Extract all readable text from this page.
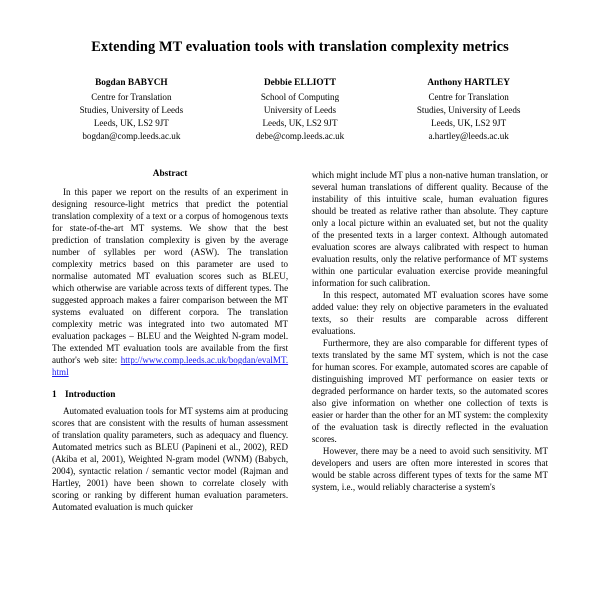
Extending MT evaluation tools with translation complexity metrics
Bogdan BABYCH
Centre for Translation
Studies, University of Leeds
Leeds, UK, LS2 9JT
bogdan@comp.leeds.ac.uk
Debbie ELLIOTT
School of Computing
University of Leeds
Leeds, UK, LS2 9JT
debe@comp.leeds.ac.uk
Anthony HARTLEY
Centre for Translation
Studies, University of Leeds
Leeds, UK, LS2 9JT
a.hartley@leeds.ac.uk
Abstract

In this paper we report on the results of an experiment in designing resource-light metrics that predict the potential translation complexity of a text or a corpus of homogenous texts for state-of-the-art MT systems. We show that the best prediction of translation complexity is given by the average number of syllables per word (ASW). The translation complexity metrics based on this parameter are used to normalise automated MT evaluation scores such as BLEU, which otherwise are variable across texts of different types. The suggested approach makes a fairer comparison between the MT systems evaluated on different corpora. The translation complexity metric was integrated into two automated MT evaluation packages – BLEU and the Weighted N-gram model. The extended MT evaluation tools are available from the first author's web site: http://www.comp.leeds.ac.uk/bogdan/evalMT.html

1 Introduction

Automated evaluation tools for MT systems aim at producing scores that are consistent with the results of human assessment of translation quality parameters, such as adequacy and fluency. Automated metrics such as BLEU (Papineni et al., 2002), RED (Akiba et al, 2001), Weighted N-gram model (WNM) (Babych, 2004), syntactic relation / semantic vector model (Rajman and Hartley, 2001) have been shown to correlate closely with scoring or ranking by different human evaluation parameters. Automated evaluation is much quicker

which might include MT plus a non-native human translation, or several human translations of different quality. Because of the instability of this intuitive scale, human evaluation figures should be treated as relative rather than absolute. They capture only a local picture within an evaluated set, but not the quality of the presented texts in a larger context. Although automated evaluation scores are always calibrated with respect to human evaluation results, only the relative performance of MT systems within one particular evaluation exercise provide meaningful information for such calibration.

In this respect, automated MT evaluation scores have some added value: they rely on objective parameters in the evaluated texts, so their results are comparable across different evaluations.

Furthermore, they are also comparable for different types of texts translated by the same MT system, which is not the case for human scores. For example, automated scores are capable of distinguishing improved MT performance on easier texts or degraded performance on harder texts, so the automated scores also give information on whether one collection of texts is easier or harder than the other for an MT system: the complexity of the evaluation task is directly reflected in the evaluation scores.

However, there may be a need to avoid such sensitivity. MT developers and users are often more interested in scores that would be stable across different types of texts for the same MT system, i.e., would reliably characterise a system's
